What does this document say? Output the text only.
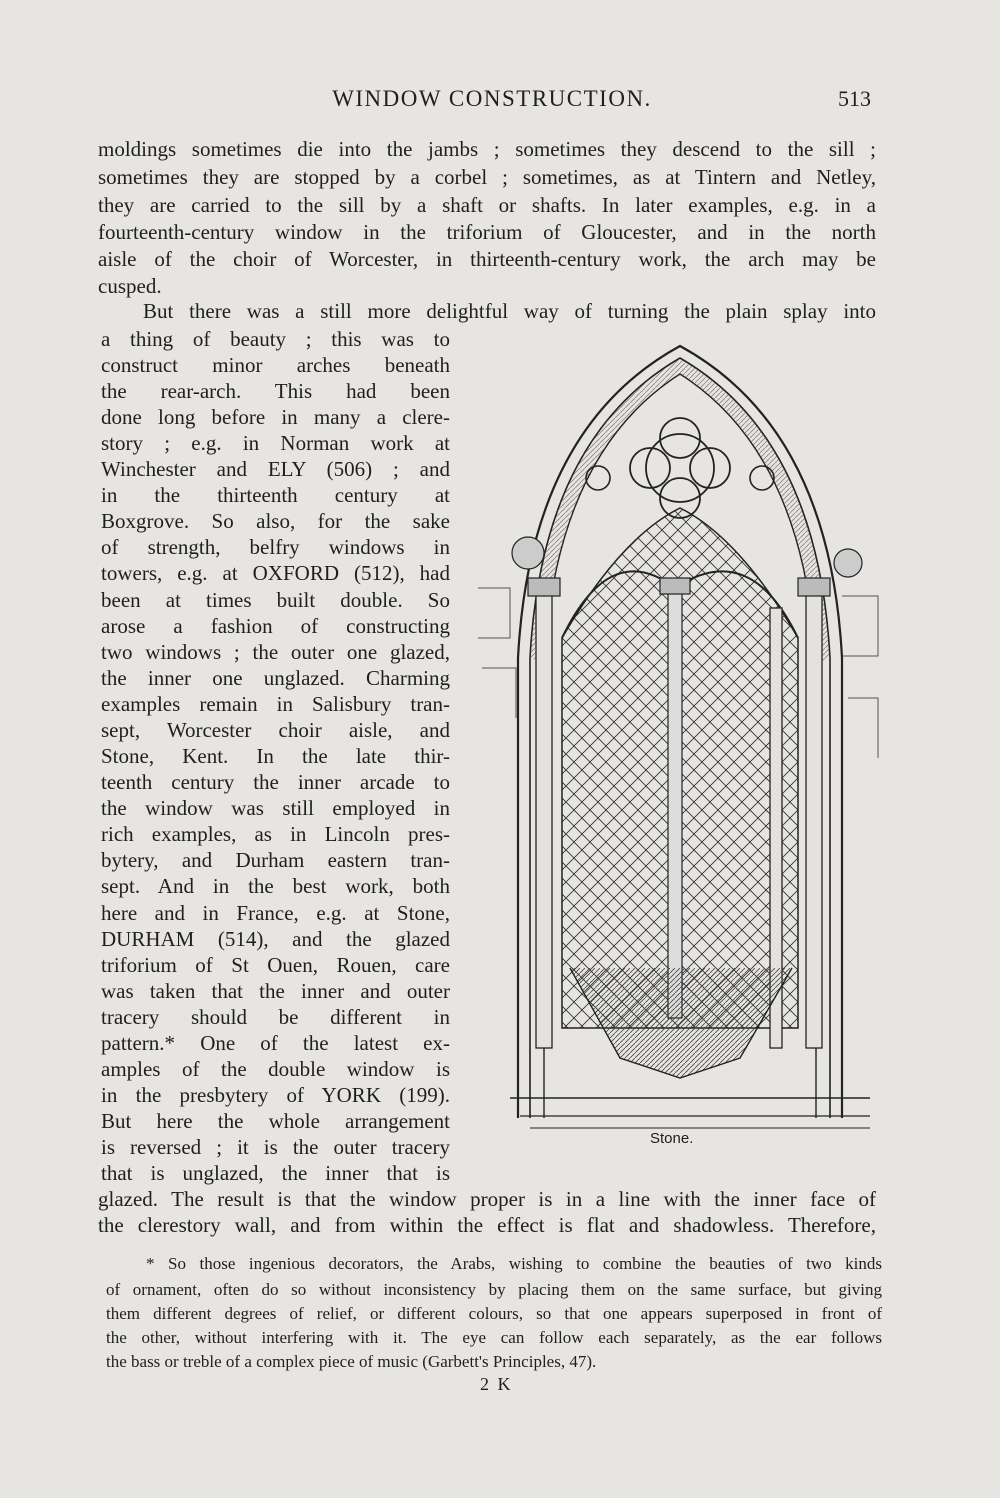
WINDOW CONSTRUCTION.	513
moldings sometimes die into the jambs ; sometimes they descend to the sill ;
sometimes they are stopped by a corbel ; sometimes, as at Tintern and Netley,
they are carried to the sill by a shaft or shafts. In later examples, e.g. in a
fourteenth-century window in the triforium of Gloucester, and in the north
aisle of the choir of Worcester, in thirteenth-century work, the arch may be
cusped.
But there was a still more delightful way of turning the plain splay into
a thing of beauty ; this was to
construct minor arches beneath
the rear-arch. This had been
done long before in many a clere-
story ; e.g. in Norman work at
Winchester and ELY (506) ; and
in the thirteenth century at
Boxgrove. So also, for the sake
of strength, belfry windows in
towers, e.g. at OXFORD (512), had
been at times built double. So
arose a fashion of constructing
two windows ; the outer one glazed,
the inner one unglazed. Charming
examples remain in Salisbury tran-
sept, Worcester choir aisle, and
Stone, Kent. In the late thir-
teenth century the inner arcade to
the window was still employed in
rich examples, as in Lincoln pres-
bytery, and Durham eastern tran-
sept. And in the best work, both
here and in France, e.g. at Stone,
DURHAM (514), and the glazed
triforium of St Ouen, Rouen, care
was taken that the inner and outer
tracery should be different in
pattern.* One of the latest ex-
amples of the double window is
in the presbytery of YORK (199).
But here the whole arrangement
is reversed ; it is the outer tracery
that is unglazed, the inner that is
glazed. The result is that the window proper is in a line with the inner face of
the clerestory wall, and from within the effect is flat and shadowless. Therefore,
Stone.
* So those ingenious decorators, the Arabs, wishing to combine the beauties of two kinds
of ornament, often do so without inconsistency by placing them on the same surface, but giving
them different degrees of relief, or different colours, so that one appears superposed in front of
the other, without interfering with it. The eye can follow each separately, as the ear follows
the bass or treble of a complex piece of music (Garbett's Principles, 47).
2 K
